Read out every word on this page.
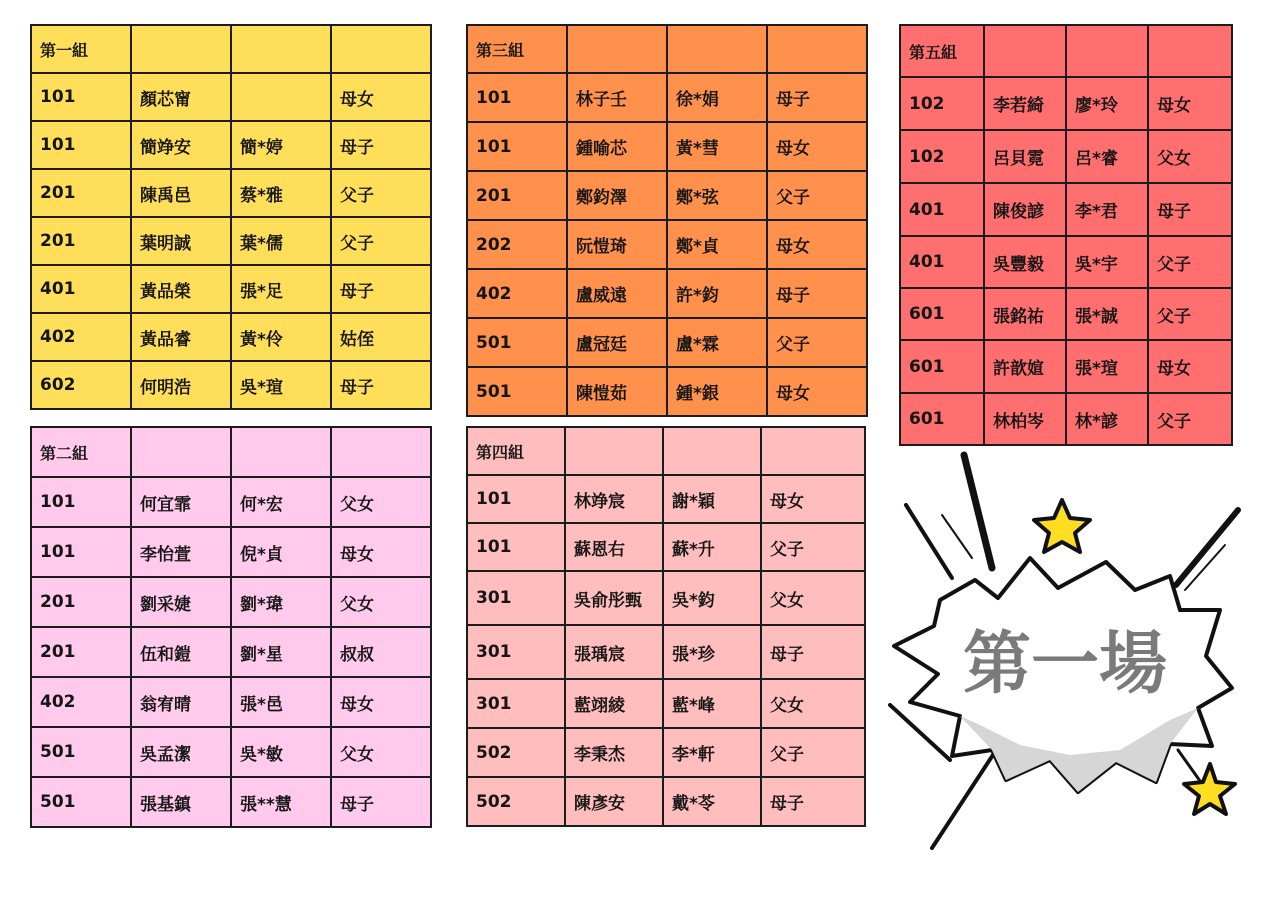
第一組			
101	顏芯甯		母女
101	簡竫安	簡*婷	母子
201	陳禹邑	蔡*雅	父子
201	葉明誠	葉*儒	父子
401	黃品榮	張*足	母子
402	黃品睿	黃*伶	姑侄
602	何明浩	吳*瑄	母子
第二組			
101	何宜霏	何*宏	父女
101	李怡萱	倪*貞	母女
201	劉采婕	劉*瑋	父女
201	伍和鎧	劉*星	叔叔
402	翁宥晴	張*邑	母女
501	吳孟潔	吳*敏	父女
501	張基鎮	張**慧	母子
第三組			
101	林子壬	徐*娟	母子
101	鍾喻芯	黃*彗	母女
201	鄭鈞澤	鄭*弦	父子
202	阮愷琦	鄭*貞	母女
402	盧威遠	許*鈞	母子
501	盧冠廷	盧*霖	父子
501	陳愷茹	鍾*銀	母女
第四組			
101	林竫宸	謝*穎	母女
101	蘇恩右	蘇*升	父子
301	吳俞彤甄	吳*鈞	父女
301	張瑀宸	張*珍	母子
301	藍翊綾	藍*峰	父女
502	李秉杰	李*軒	父子
502	陳彥安	戴*苓	母子
第五組			
102	李若綺	廖*玲	母女
102	呂貝霓	呂*睿	父女
401	陳俊諺	李*君	母子
401	吳豐毅	吳*宇	父子
601	張銘祐	張*誠	父子
601	許歆媗	張*瑄	母女
601	林柏岑	林*諺	父子
第一場
